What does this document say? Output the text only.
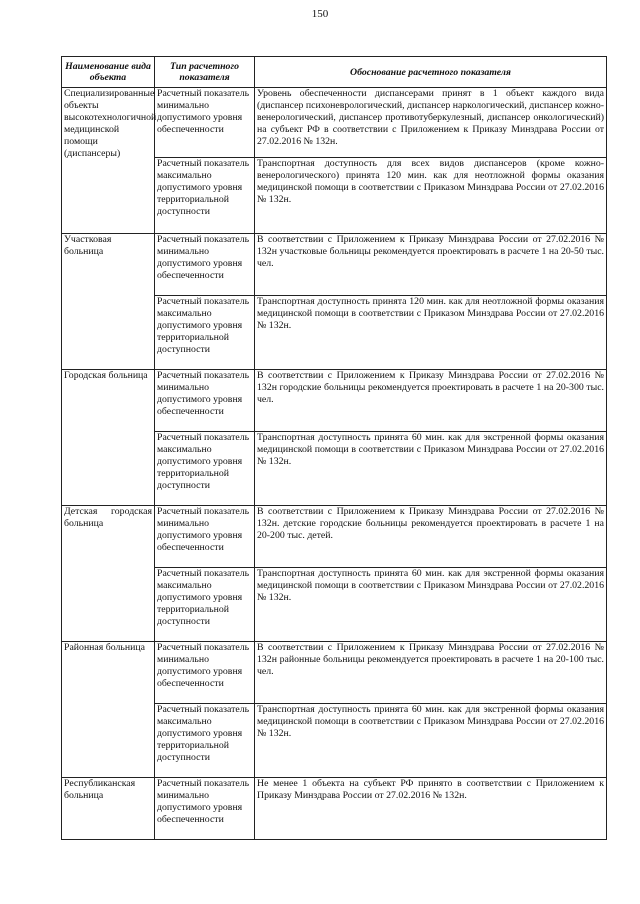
150
Наименование вида объекта	Тип расчетного показателя	Обоснование расчетного показателя
Специализированные объекты высокотехнологичной медицинской помощи (диспансеры)	Расчетный показатель минимально допустимого уровня обеспеченности	Уровень обеспеченности диспансерами принят в 1 объект каждого вида (диспансер психоневрологический, диспансер наркологический, диспансер кожно-венерологический, диспансер противотуберкулезный, диспансер онкологический) на субъект РФ в соответствии с Приложением к Приказу Минздрава России от 27.02.2016 № 132н.
	Расчетный показатель максимально допустимого уровня территориальной доступности	Транспортная доступность для всех видов диспансеров (кроме кожно-венерологического) принята 120 мин. как для неотложной формы оказания медицинской помощи в соответствии с Приказом Минздрава России от 27.02.2016 № 132н.
Участковая больница	Расчетный показатель минимально допустимого уровня обеспеченности	В соответствии с Приложением к Приказу Минздрава России от 27.02.2016 № 132н участковые больницы рекомендуется проектировать в расчете 1 на 20-50 тыс. чел.
	Расчетный показатель максимально допустимого уровня территориальной доступности	Транспортная доступность принята 120 мин. как для неотложной формы оказания медицинской помощи в соответствии с Приказом Минздрава России от 27.02.2016 № 132н.
Городская больница	Расчетный показатель минимально допустимого уровня обеспеченности	В соответствии с Приложением к Приказу Минздрава России от 27.02.2016 № 132н городские больницы рекомендуется проектировать в расчете 1 на 20-300 тыс. чел.
	Расчетный показатель максимально допустимого уровня территориальной доступности	Транспортная доступность принята 60 мин. как для экстренной формы оказания медицинской помощи в соответствии с Приказом Минздрава России от 27.02.2016 № 132н.
Детская городская больница	Расчетный показатель минимально допустимого уровня обеспеченности	В соответствии с Приложением к Приказу Минздрава России от 27.02.2016 № 132н. детские городские больницы рекомендуется проектировать в расчете 1 на 20-200 тыс. детей.
	Расчетный показатель максимально допустимого уровня территориальной доступности	Транспортная доступность принята 60 мин. как для экстренной формы оказания медицинской помощи в соответствии с Приказом Минздрава России от 27.02.2016 № 132н.
Районная больница	Расчетный показатель минимально допустимого уровня обеспеченности	В соответствии с Приложением к Приказу Минздрава России от 27.02.2016 № 132н районные больницы рекомендуется проектировать в расчете 1 на 20-100 тыс. чел.
	Расчетный показатель максимально допустимого уровня территориальной доступности	Транспортная доступность принята 60 мин. как для экстренной формы оказания медицинской помощи в соответствии с Приказом Минздрава России от 27.02.2016 № 132н.
Республиканская больница	Расчетный показатель минимально допустимого уровня обеспеченности	Не менее 1 объекта на субъект РФ принято в соответствии с Приложением к Приказу Минздрава России от 27.02.2016 № 132н.
